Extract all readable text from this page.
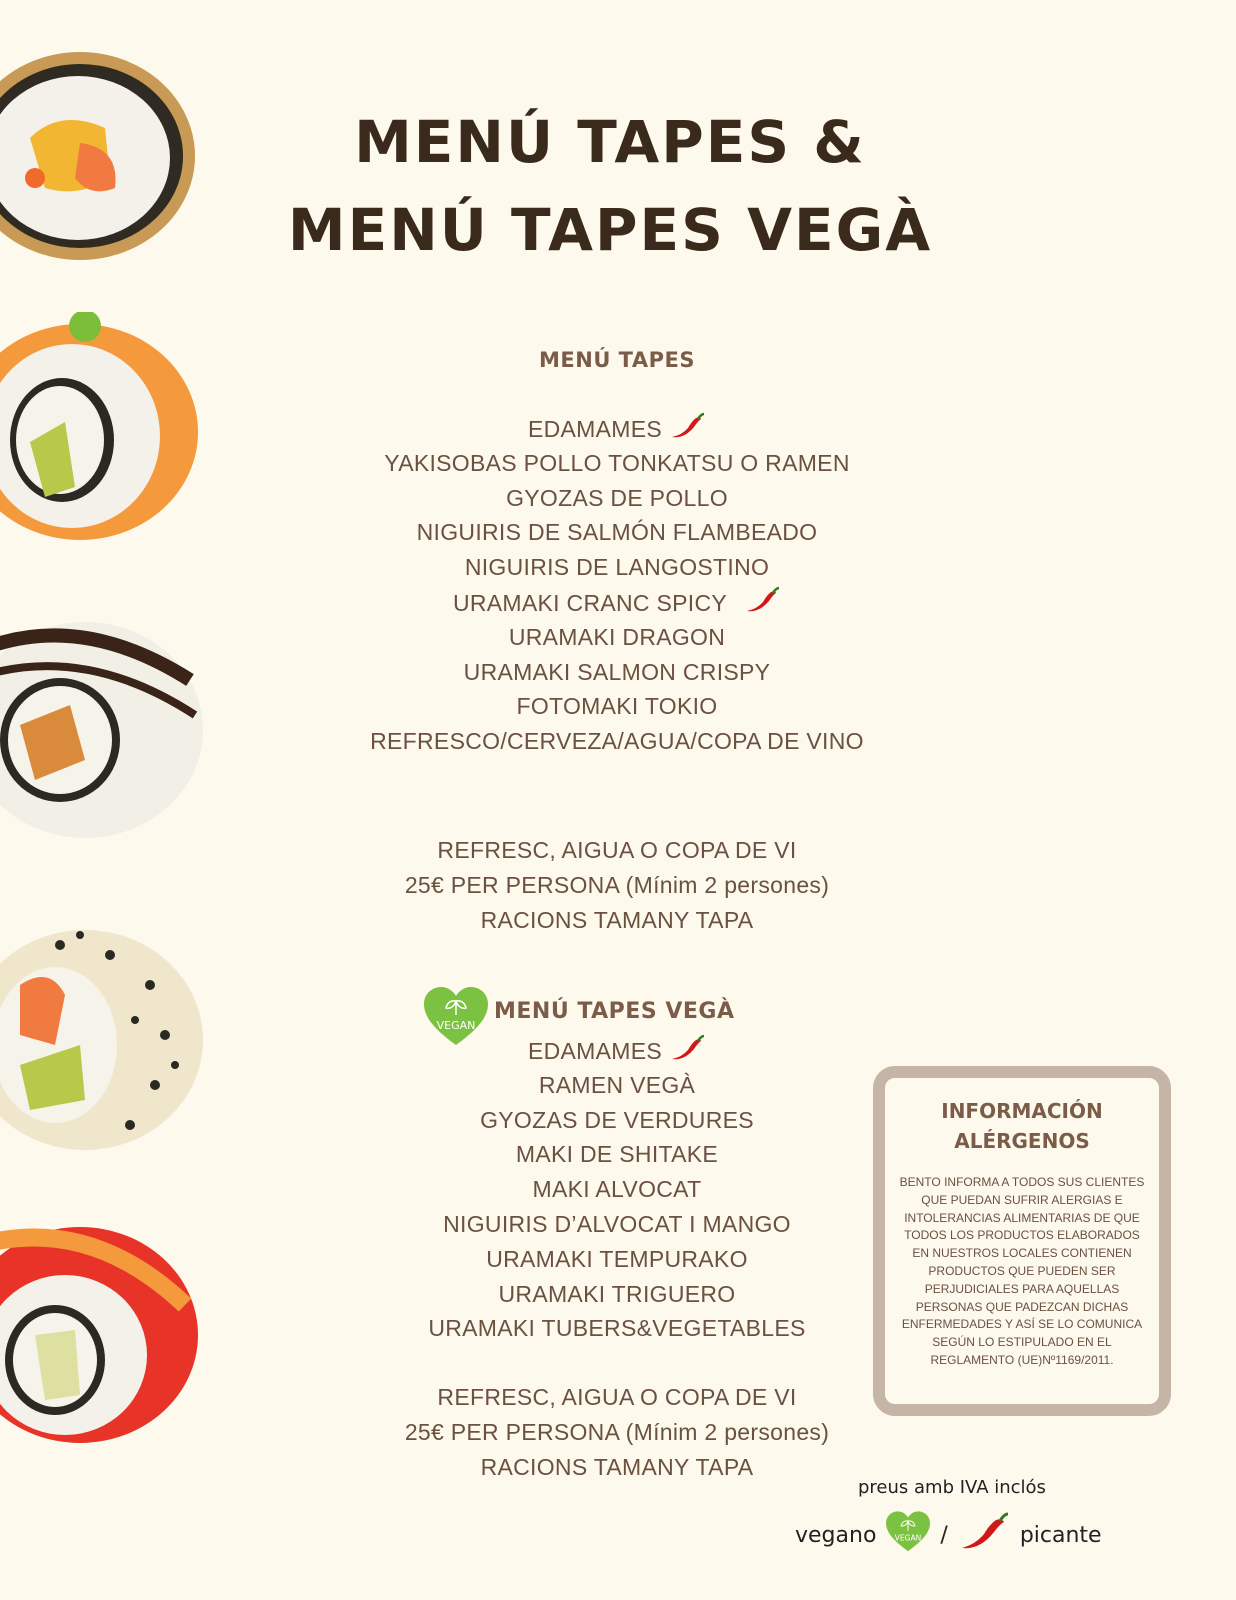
MENÚ TAPES &
MENÚ TAPES VEGÀ
MENÚ TAPES
EDAMAMES
YAKISOBAS POLLO TONKATSU O RAMEN
GYOZAS DE POLLO
NIGUIRIS DE SALMÓN FLAMBEADO
NIGUIRIS DE LANGOSTINO
URAMAKI CRANC SPICY
URAMAKI DRAGON
URAMAKI SALMON CRISPY
FOTOMAKI TOKIO
REFRESCO/CERVEZA/AGUA/COPA DE VINO
REFRESC, AIGUA O COPA DE VI
25€ PER PERSONA (Mínim 2 persones)
RACIONS TAMANY TAPA
VEGAN
MENÚ TAPES VEGÀ
EDAMAMES
RAMEN VEGÀ
GYOZAS DE VERDURES
MAKI DE SHITAKE
MAKI ALVOCAT
NIGUIRIS D’ALVOCAT I MANGO
URAMAKI TEMPURAKO
URAMAKI TRIGUERO
URAMAKI TUBERS&VEGETABLES
REFRESC, AIGUA O COPA DE VI
25€ PER PERSONA (Mínim 2 persones)
RACIONS TAMANY TAPA
INFORMACIÓN
ALÉRGENOS
BENTO INFORMA A TODOS SUS CLIENTES QUE PUEDAN SUFRIR ALERGIAS E INTOLERANCIAS ALIMENTARIAS DE QUE TODOS LOS PRODUCTOS ELABORADOS EN NUESTROS LOCALES CONTIENEN PRODUCTOS QUE PUEDEN SER PERJUDICIALES PARA AQUELLAS PERSONAS QUE PADEZCAN DICHAS ENFERMEDADES Y ASÍ SE LO COMUNICA SEGÚN LO ESTIPULADO EN EL REGLAMENTO (UE)Nº1169/2011.
preus amb IVA inclós
vegano VEGAN /	picante
